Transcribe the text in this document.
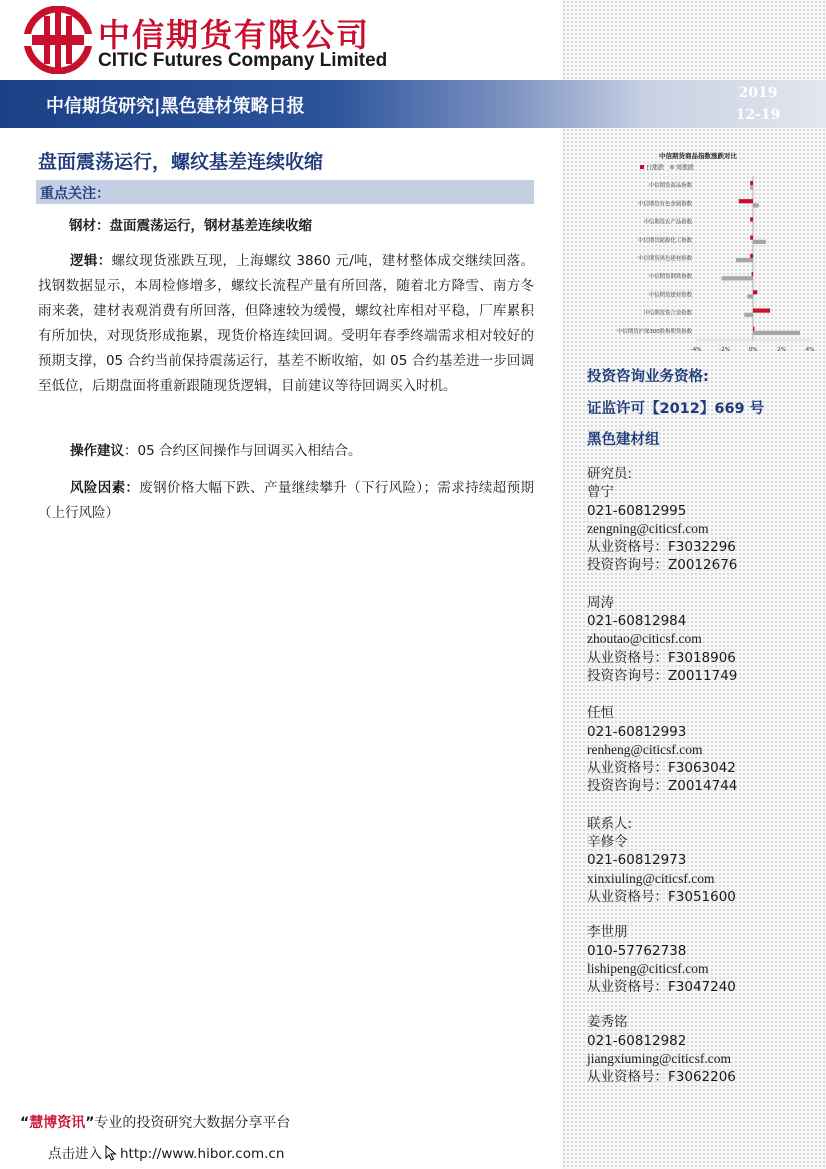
中信期货有限公司
CITIC Futures Company Limited
中信期货研究|黑色建材策略日报
2019
12-19
盘面震荡运行，螺纹基差连续收缩
重点关注：
钢材：盘面震荡运行，钢材基差连续收缩
逻辑：螺纹现货涨跌互现，上海螺纹 3860 元/吨，建材整体成交继续回落。找钢数据显示，本周检修增多，螺纹长流程产量有所回落，随着北方降雪、南方冬雨来袭，建材表观消费有所回落，但降速较为缓慢，螺纹社库相对平稳，厂库累积有所加快，对现货形成拖累，现货价格连续回调。受明年春季终端需求相对较好的预期支撑，05 合约当前保持震荡运行，基差不断收缩，如 05 合约基差进一步回调至低位，后期盘面将重新跟随现货逻辑，目前建议等待回调买入时机。
操作建议：05 合约区间操作与回调买入相结合。
风险因素：废钢价格大幅下跌、产量继续攀升（下行风险）；需求持续超预期（上行风险）
中信期货商品指数涨跌对比
日涨跌 周涨跌
中信期货商品指数
中信期货有色金属指数
中信期货农产品指数
中信期货能源化工指数
中信期货黑色建材指数
中信期货钢铁指数
中信期货建材指数
中信期货铁合金指数
中信期货沪深300股指期货指数
-4%	-2%	0%	2%	4%
投资咨询业务资格:
证监许可【2012】669 号
黑色建材组
研究员:
曾宁
021-60812995
zengning@citicsf.com
从业资格号：F3032296
投资咨询号：Z0012676
周涛
021-60812984
zhoutao@citicsf.com
从业资格号：F3018906
投资咨询号：Z0011749
任恒
021-60812993
renheng@citicsf.com
从业资格号：F3063042
投资咨询号：Z0014744
联系人:
辛修令
021-60812973
xinxiuling@citicsf.com
从业资格号：F3051600
李世朋
010-57762738
lishipeng@citicsf.com
从业资格号：F3047240
姜秀铭
021-60812982
jiangxiuming@citicsf.com
从业资格号：F3062206
“慧博资讯”专业的投资研究大数据分享平台
点击进入 http://www.hibor.com.cn
